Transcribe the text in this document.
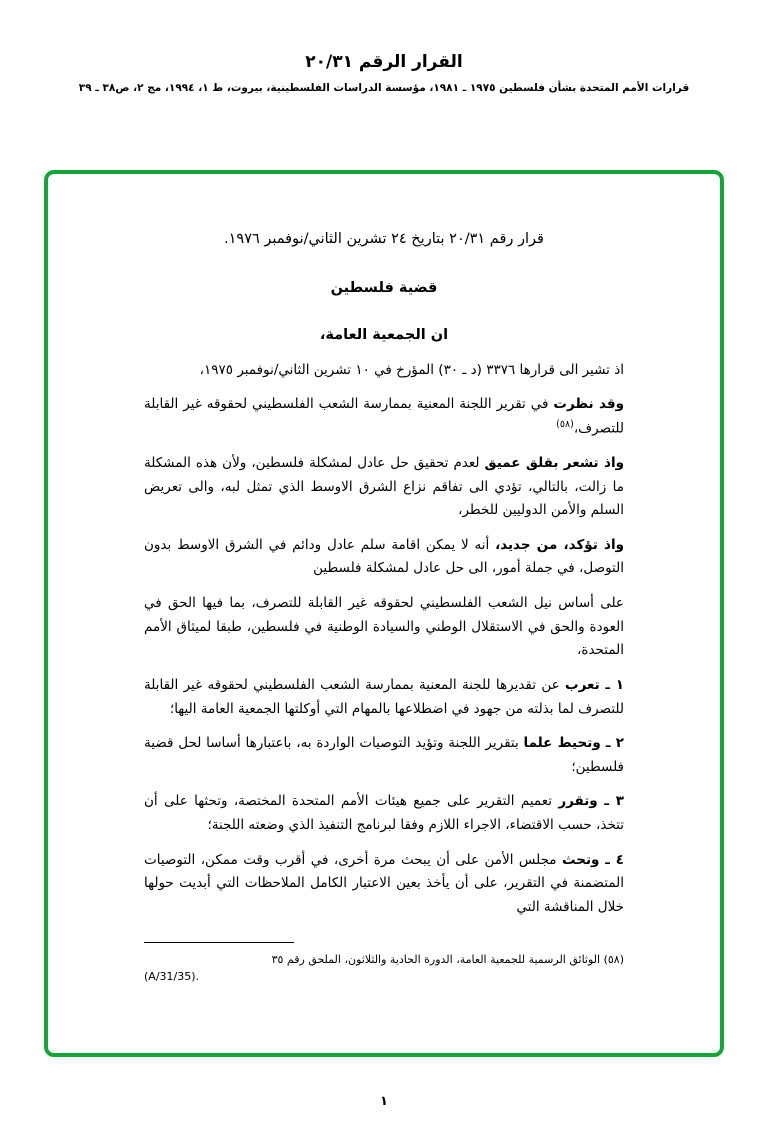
القرار الرقم ٢٠/٣١
قرارات الأمم المتحدة بشأن فلسطين ١٩٧٥ ـ ١٩٨١، مؤسسة الدراسات الفلسطينية، بيروت، ط ١، ١٩٩٤، مج ٢، ص٣٨ ـ ٣٩
قرار رقم ٢٠/٣١ بتاريخ ٢٤ تشرين الثاني/نوفمبر ١٩٧٦.
قضية فلسطين
ان الجمعية العامة،

اذ تشير الى قرارها ٣٣٧٦ (د ـ ٣٠) المؤرخ في ١٠ تشرين الثاني/نوفمبر ١٩٧٥،

وقد نظرت في تقرير اللجنة المعنية بممارسة الشعب الفلسطيني لحقوقه غير القابلة للتصرف،$^{(٥٨)}$

واذ تشعر بقلق عميق لعدم تحقيق حل عادل لمشكلة فلسطين، ولأن هذه المشكلة ما زالت، بالتالي، تؤدي الى تفاقم نزاع الشرق الاوسط الذي تمثل لبه، والى تعريض السلم والأمن الدوليين للخطر،

واذ تؤكد، من جديد، أنه لا يمكن اقامة سلم عادل ودائم في الشرق الاوسط بدون التوصل، في جملة أمور، الى حل عادل لمشكلة فلسطين

على أساس نيل الشعب الفلسطيني لحقوقه غير القابلة للتصرف، بما فيها الحق في العودة والحق في الاستقلال الوطني والسيادة الوطنية في فلسطين، طبقا لميثاق الأمم المتحدة،

١ ـ تعرب عن تقديرها للجنة المعنية بممارسة الشعب الفلسطيني لحقوقه غير القابلة للتصرف لما بذلته من جهود في اضطلاعها بالمهام التي أوكلتها الجمعية العامة اليها؛

٢ ـ وتحيط علما بتقرير اللجنة وتؤيد التوصيات الواردة به، باعتبارها أساسا لحل قضية فلسطين؛

٣ ـ وتقرر تعميم التقرير على جميع هيئات الأمم المتحدة المختصة، وتحثها على أن تتخذ، حسب الاقتضاء، الاجراء اللازم وفقا لبرنامج التنفيذ الذي وضعته اللجنة؛

٤ ـ وتحث مجلس الأمن على أن يبحث مرة أخرى، في أقرب وقت ممكن، التوصيات المتضمنة في التقرير، على أن يأخذ بعين الاعتبار الكامل الملاحظات التي أبديت حولها خلال المناقشة التي

(٥٨) الوثائق الرسمية للجمعية العامة، الدورة الحادية والثلاثون، الملحق رقم ٣٥
(A/31/35).
١
